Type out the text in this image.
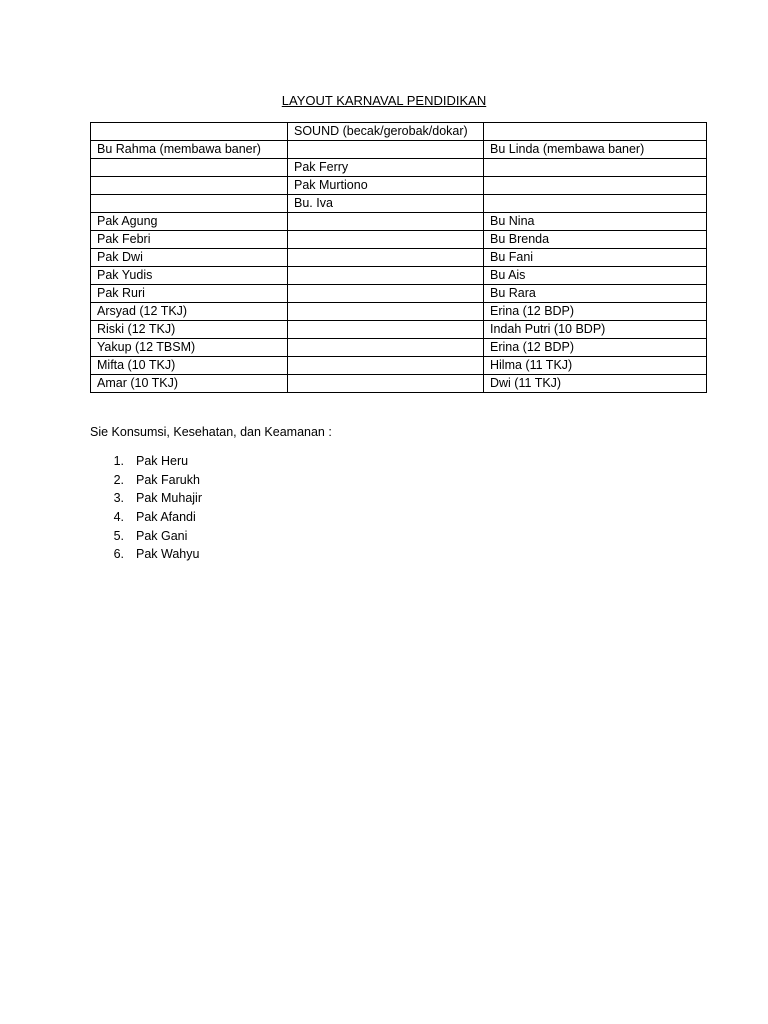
LAYOUT KARNAVAL PENDIDIKAN
	SOUND (becak/gerobak/dokar)	
Bu Rahma (membawa baner)		Bu Linda (membawa baner)
	Pak Ferry	
	Pak Murtiono	
	Bu. Iva	
Pak Agung		Bu Nina
Pak Febri		Bu Brenda
Pak Dwi		Bu Fani
Pak Yudis		Bu Ais
Pak Ruri		Bu Rara
Arsyad (12 TKJ)		Erina (12 BDP)
Riski (12 TKJ)		Indah Putri (10 BDP)
Yakup (12 TBSM)		Erina (12 BDP)
Mifta (10 TKJ)		Hilma (11 TKJ)
Amar (10 TKJ)		Dwi (11 TKJ)
Sie Konsumsi, Kesehatan, dan Keamanan :
1. Pak Heru
2. Pak Farukh
3. Pak Muhajir
4. Pak Afandi
5. Pak Gani
6. Pak Wahyu
